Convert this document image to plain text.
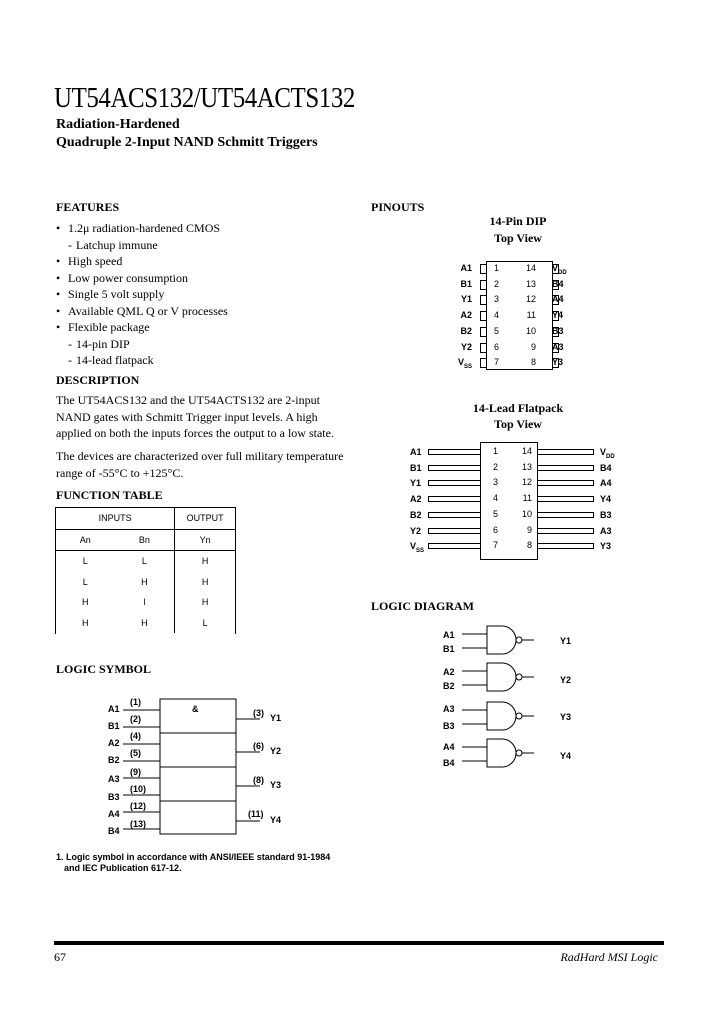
UT54ACS132/UT54ACTS132
Radiation-Hardened
Quadruple 2-Input NAND Schmitt Triggers
FEATURES
• 1.2μ radiation-hardened CMOS
- Latchup immune
• High speed
• Low power consumption
• Single 5 volt supply
• Available QML Q or V processes
• Flexible package
- 14-pin DIP
- 14-lead flatpack
DESCRIPTION
The UT54ACS132 and the UT54ACTS132 are 2-input NAND gates with Schmitt Trigger input levels. A high applied on both the inputs forces the output to a low state.
The devices are characterized over full military temperature range of -55°C to +125°C.
FUNCTION TABLE
INPUTS		OUTPUT
An	Bn	Yn
L	L	H
L	H	H
H	l	H
H	H	L
LOGIC SYMBOL
&
A1
(1)
B1
(2)
A2
(4)
B2
(5)
A3
(9)
B3
(10)
A4
(12)
B4
(13)
(3) Y1
(6) Y2
(8) Y3
(11)
Y4
1. Logic symbol in accordance with ANSI/IEEE standard 91-1984
and IEC Publication 617-12.
PINOUTS
14-Pin DIP
Top View
A1 1
B1 2
Y1 3
A2 4
B2 5
Y2 6
$V_{SS}$ 7
14 $V_{DD}$
13 B4
12 A4
11 Y4
10 B3
9 A3
8 Y3
14-Lead Flatpack
Top View
A1	1
B1	2
Y1	3
A2	4
B2	5
Y2	6
$V_{SS}$
7
14	$V_{DD}$
13	B4
12	A4
11	Y4
10	B3
9	A3
8	Y3
LOGIC DIAGRAM
A1
B1
Y1
A2
B2
Y2
A3
B3
Y3
A4
B4
Y4
67	RadHard MSI Logic
